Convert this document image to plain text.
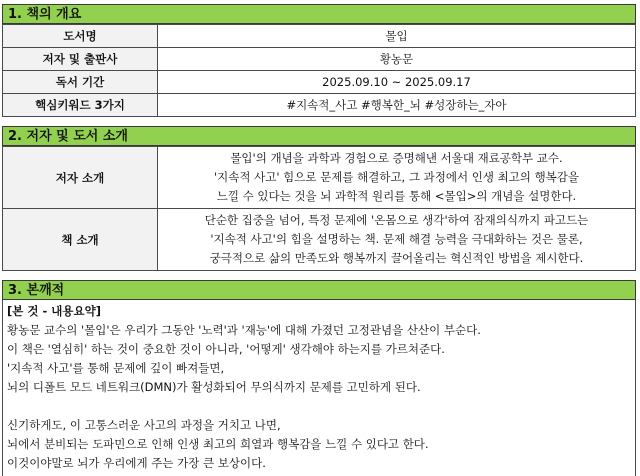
1. 책의 개요
도서명	몰입
저자 및 출판사	황농문
독서 기간	2025.09.10 ~ 2025.09.17
핵심키워드 3가지	#지속적_사고 #행복한_뇌 #성장하는_자아
2. 저자 및 도서 소개
저자 소개	몰입'의 개념을 과학과 경험으로 증명해낸 서울대 재료공학부 교수.
'지속적 사고' 힘으로 문제를 해결하고, 그 과정에서 인생 최고의 행복감을
느낄 수 있다는 것을 뇌 과학적 원리를 통해 <몰입>의 개념을 설명한다.

책 소개	단순한 집중을 넘어, 특정 문제에 '온몸으로 생각'하여 잠재의식까지 파고드는
'지속적 사고'의 힘을 설명하는 책. 문제 해결 능력을 극대화하는 것은 물론,
궁극적으로 삶의 만족도와 행복까지 끌어올리는 혁신적인 방법을 제시한다.
3. 본깨적
[본 것 - 내용요약]
황농문 교수의 '몰입'은 우리가 그동안 '노력'과 '재능'에 대해 가졌던 고정관념을 산산이 부순다.
이 책은 '열심히' 하는 것이 중요한 것이 아니라, '어떻게' 생각해야 하는지를 가르쳐준다.
'지속적 사고'를 통해 문제에 깊이 빠져들면,
뇌의 디폴트 모드 네트워크(DMN)가 활성화되어 무의식까지 문제를 고민하게 된다.
신기하게도, 이 고통스러운 사고의 과정을 거치고 나면,
뇌에서 분비되는 도파민으로 인해 인생 최고의 희열과 행복감을 느낄 수 있다고 한다.
이것이야말로 뇌가 우리에게 주는 가장 큰 보상이다.
